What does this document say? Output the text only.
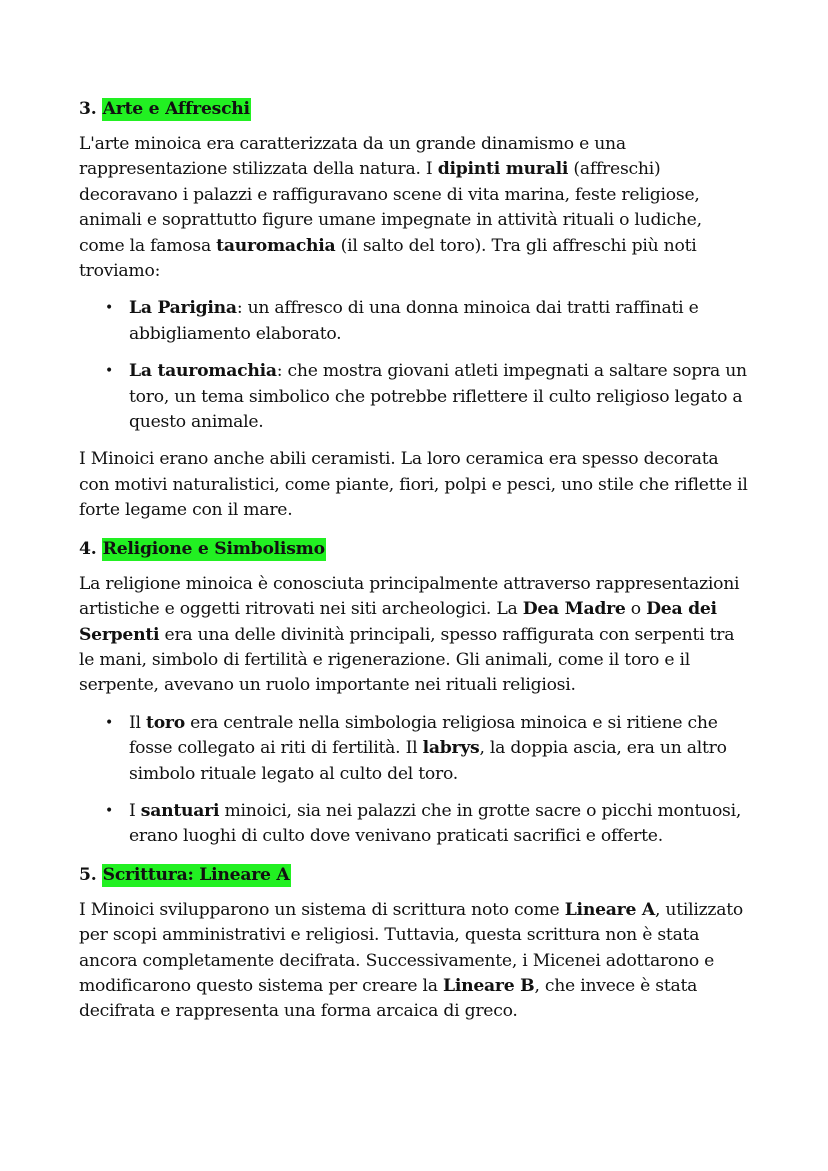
3. Arte e Affreschi

L'arte minoica era caratterizzata da un grande dinamismo e una rappresentazione stilizzata della natura. I dipinti murali (affreschi) decoravano i palazzi e raffiguravano scene di vita marina, feste religiose, animali e soprattutto figure umane impegnate in attività rituali o ludiche, come la famosa tauromachia (il salto del toro). Tra gli affreschi più noti troviamo:

• La Parigina: un affresco di una donna minoica dai tratti raffinati e abbigliamento elaborato.
• La tauromachia: che mostra giovani atleti impegnati a saltare sopra un toro, un tema simbolico che potrebbe riflettere il culto religioso legato a questo animale.

I Minoici erano anche abili ceramisti. La loro ceramica era spesso decorata con motivi naturalistici, come piante, fiori, polpi e pesci, uno stile che riflette il forte legame con il mare.

4. Religione e Simbolismo

La religione minoica è conosciuta principalmente attraverso rappresentazioni artistiche e oggetti ritrovati nei siti archeologici. La Dea Madre o Dea dei Serpenti era una delle divinità principali, spesso raffigurata con serpenti tra le mani, simbolo di fertilità e rigenerazione. Gli animali, come il toro e il serpente, avevano un ruolo importante nei rituali religiosi.

• Il toro era centrale nella simbologia religiosa minoica e si ritiene che fosse collegato ai riti di fertilità. Il labrys, la doppia ascia, era un altro simbolo rituale legato al culto del toro.
• I santuari minoici, sia nei palazzi che in grotte sacre o picchi montuosi, erano luoghi di culto dove venivano praticati sacrifici e offerte.
5. Scrittura: Lineare A

I Minoici svilupparono un sistema di scrittura noto come Lineare A, utilizzato per scopi amministrativi e religiosi. Tuttavia, questa scrittura non è stata ancora completamente decifrata. Successivamente, i Micenei adottarono e modificarono questo sistema per creare la Lineare B, che invece è stata decifrata e rappresenta una forma arcaica di greco.
